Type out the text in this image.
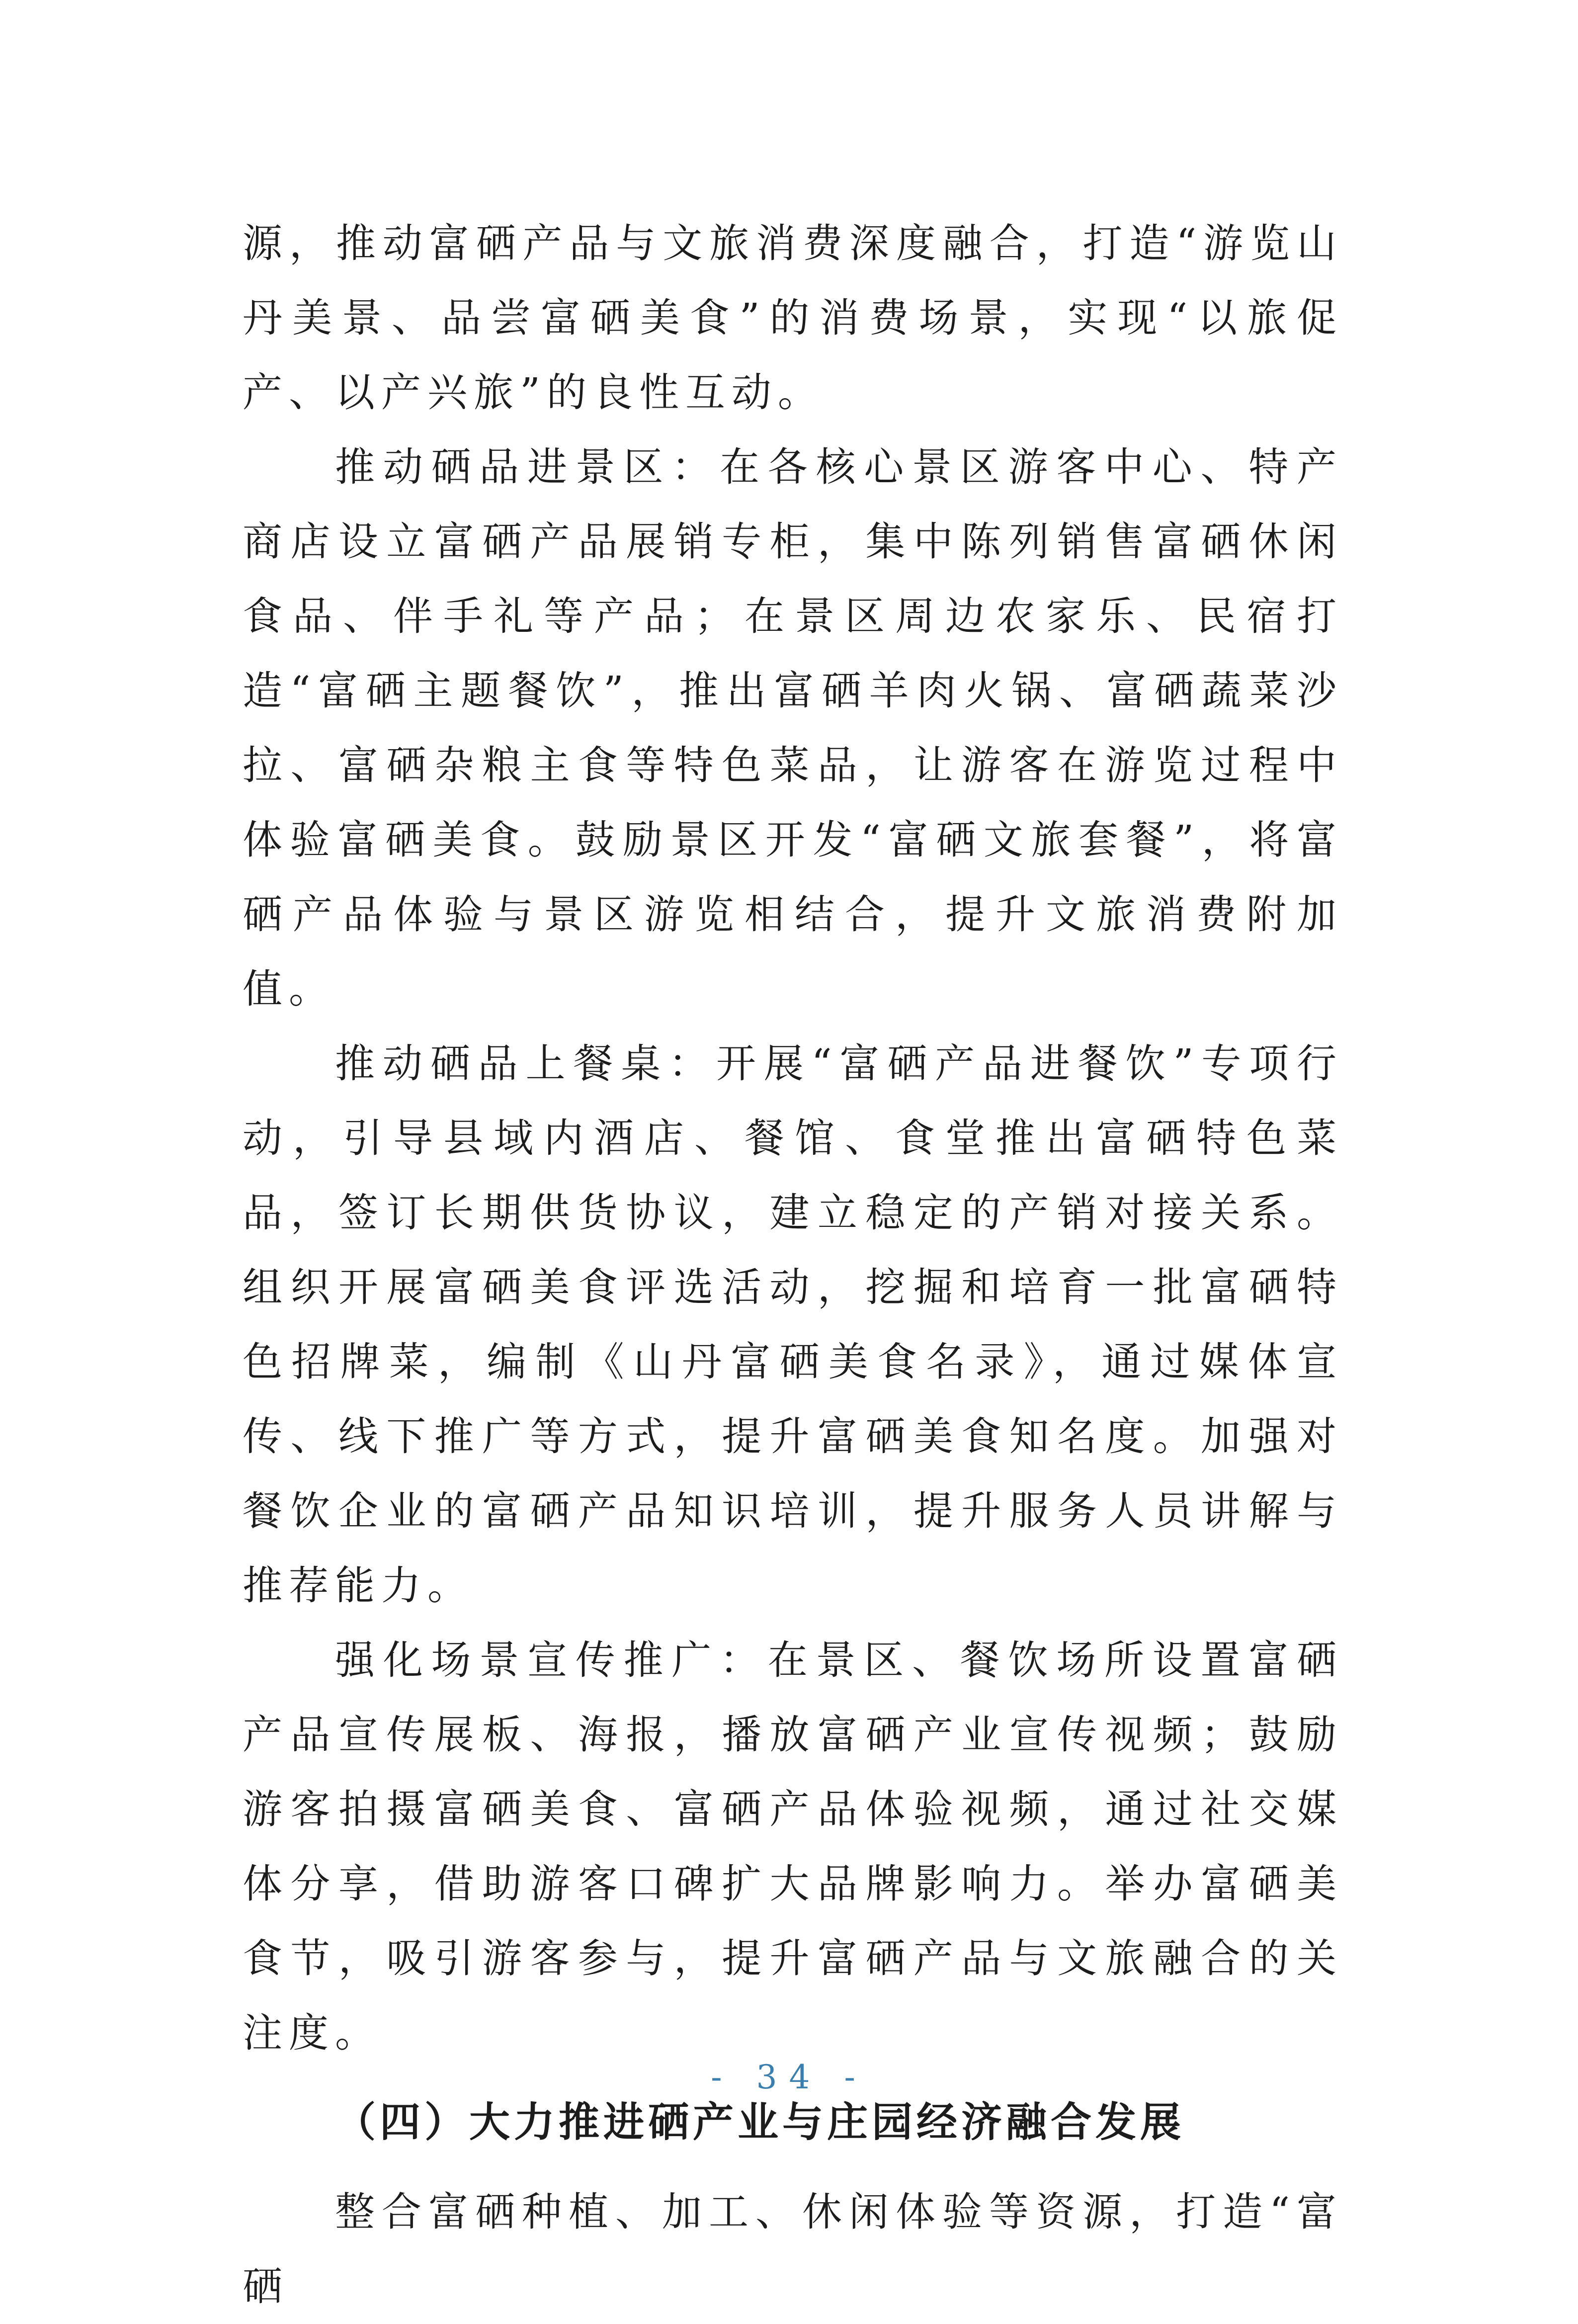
源，推动富硒产品与文旅消费深度融合，打造“游览山丹美景、品尝富硒美食”的消费场景，实现“以旅促产、以产兴旅”的良性互动。

推动硒品进景区：在各核心景区游客中心、特产商店设立富硒产品展销专柜，集中陈列销售富硒休闲食品、伴手礼等产品；在景区周边农家乐、民宿打造“富硒主题餐饮”，推出富硒羊肉火锅、富硒蔬菜沙拉、富硒杂粮主食等特色菜品，让游客在游览过程中体验富硒美食。鼓励景区开发“富硒文旅套餐”，将富硒产品体验与景区游览相结合，提升文旅消费附加值。

推动硒品上餐桌：开展“富硒产品进餐饮”专项行动，引导县域内酒店、餐馆、食堂推出富硒特色菜品，签订长期供货协议，建立稳定的产销对接关系。组织开展富硒美食评选活动，挖掘和培育一批富硒特色招牌菜，编制《山丹富硒美食名录》，通过媒体宣传、线下推广等方式，提升富硒美食知名度。加强对餐饮企业的富硒产品知识培训，提升服务人员讲解与推荐能力。

强化场景宣传推广：在景区、餐饮场所设置富硒产品宣传展板、海报，播放富硒产业宣传视频；鼓励游客拍摄富硒美食、富硒产品体验视频，通过社交媒体分享，借助游客口碑扩大品牌影响力。举办富硒美食节，吸引游客参与，提升富硒产品与文旅融合的关注度。

（四）大力推进硒产业与庄园经济融合发展

整合富硒种植、加工、休闲体验等资源，打造“富硒

- 34 -
